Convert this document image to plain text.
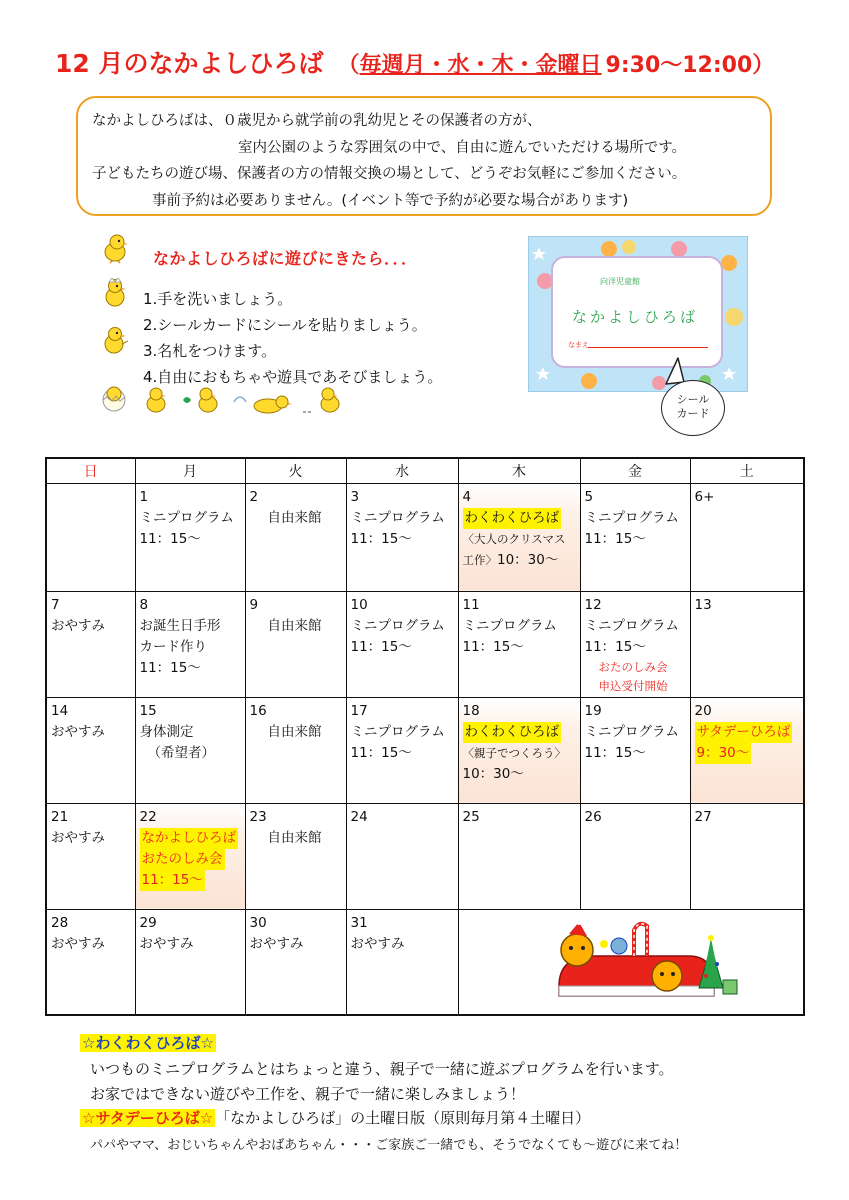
12 月のなかよしひろば （毎週月・水・木・金曜日 9:30〜12:00）

なかよしひろばは、０歳児から就学前の乳幼児とその保護者の方が、

室内公園のような雰囲気の中で、自由に遊んでいただける場所です。

子どもたちの遊び場、保護者の方の情報交換の場として、どうぞお気軽にご参加ください。

事前予約は必要ありません。(イベント等で予約が必要な場合があります)

なかよしひろばに遊びにきたら．．．
1.手を洗いましょう。
2.シールカードにシールを貼りましょう。
3.名札をつけます。
4.自由におもちゃや遊具であそびましょう。
向洋児童館
なかよしひろば
なまえ
シール
カード
日	月	火	水	木	金	土

	1
ミニプログラム
11：15〜	2
自由来館	3
ミニプログラム
11：15〜	4
わくわくひろば
〈大人のクリスマス
工作〉10：30〜	5
ミニプログラム
11：15〜	6+

7
おやすみ	8
お誕生日手形
カード作り
11：15〜	9
自由来館	10
ミニプログラム
11：15〜	11
ミニプログラム
11：15〜	12
ミニプログラム
11：15〜
おたのしみ会
申込受付開始	13

14
おやすみ	15
身体測定
（希望者）	16
自由来館	17
ミニプログラム
11：15〜	18
わくわくひろば
〈親子でつくろう〉
10：30〜	19
ミニプログラム
11：15〜	20
サタデーひろば 9：30〜

21
おやすみ	22
なかよしひろば おたのしみ会 11：15〜	23
自由来館	24	25	26	27

28
おやすみ	29
おやすみ	30
おやすみ	31
おやすみ

☆わくわくひろば☆
いつものミニプログラムとはちょっと違う、親子で一緒に遊ぶプログラムを行います。
お家ではできない遊びや工作を、親子で一緒に楽しみましょう！
☆サタデーひろば☆ 「なかよしひろば」の土曜日版（原則毎月第４土曜日）
パパやママ、おじいちゃんやおばあちゃん・・・ご家族ご一緒でも、そうでなくても〜遊びに来てね！
